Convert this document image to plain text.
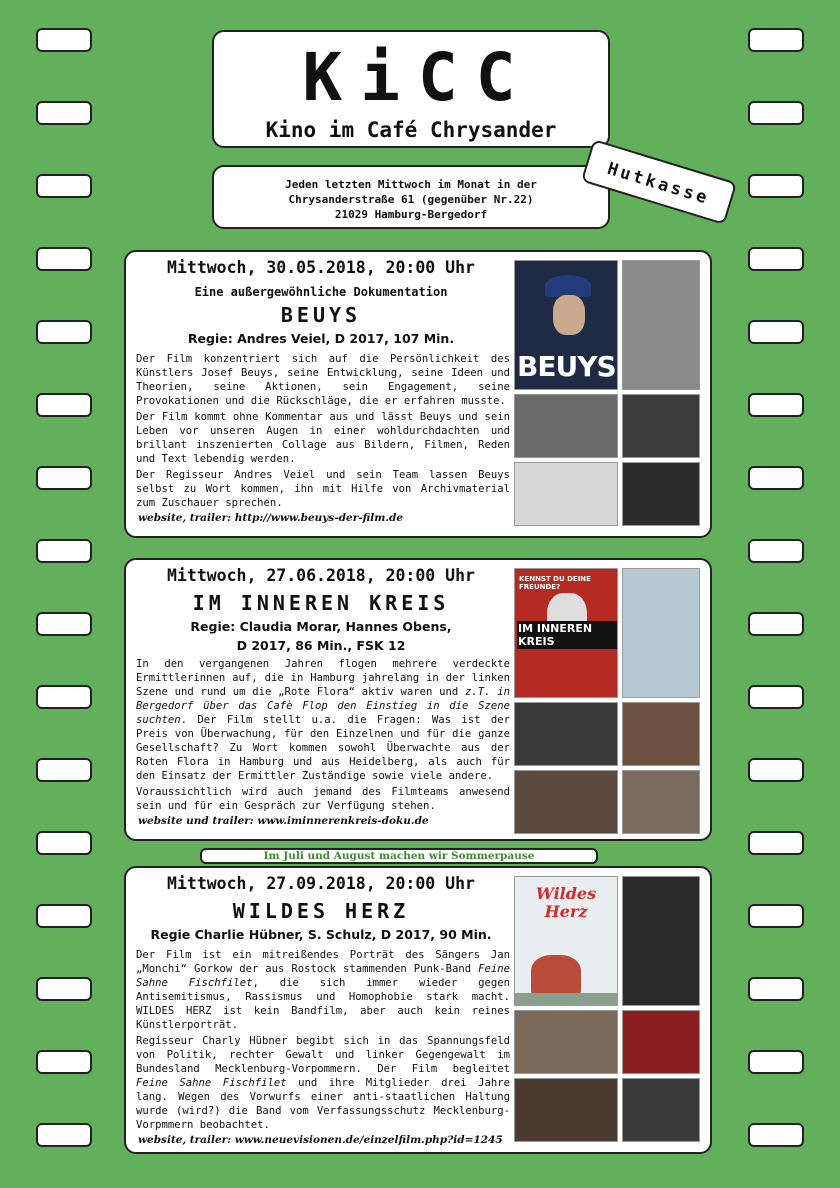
KiCC
Kino im Café Chrysander
Jeden letzten Mittwoch im Monat in der
Chrysanderstraße 61 (gegenüber Nr.22)
21029 Hamburg-Bergedorf
Hutkasse
Mittwoch, 30.05.2018, 20:00 Uhr
Eine außergewöhnliche Dokumentation
BEUYS
Regie: Andres Veiel, D 2017, 107 Min.

Der Film konzentriert sich auf die Persönlichkeit des Künstlers Josef Beuys, seine Entwicklung, seine Ideen und Theorien, seine Aktionen, sein Engagement, seine Provokationen und die Rückschläge, die er erfahren musste.

Der Film kommt ohne Kommentar aus und lässt Beuys und sein Leben vor unseren Augen in einer wohldurchdachten und brillant inszenierten Collage aus Bildern, Filmen, Reden und Text lebendig werden.

Der Regisseur Andres Veiel und sein Team lassen Beuys selbst zu Wort kommen, ihn mit Hilfe von Archivmaterial zum Zuschauer sprechen.

website, trailer: http://www.beuys-der-film.de
BEUYS
Mittwoch, 27.06.2018, 20:00 Uhr
IM INNEREN KREIS
Regie: Claudia Morar, Hannes Obens,
D 2017, 86 Min., FSK 12

In den vergangenen Jahren flogen mehrere verdeckte Ermittlerinnen auf, die in Hamburg jahrelang in der linken Szene und rund um die „Rote Flora“ aktiv waren und z.T. in Bergedorf über das Cafè Flop den Einstieg in die Szene suchten. Der Film stellt u.a. die Fragen: Was ist der Preis von Überwachung, für den Einzelnen und für die ganze Gesellschaft? Zu Wort kommen sowohl Überwachte aus der Roten Flora in Hamburg und aus Heidelberg, als auch für den Einsatz der Ermittler Zuständige sowie viele andere.

Voraussichtlich wird auch jemand des Filmteams anwesend sein und für ein Gespräch zur Verfügung stehen.

website und trailer: www.iminnerenkreis-doku.de
KENNST DU DEINE FREUNDE?
IM INNEREN KREIS
Im Juli und August machen wir Sommerpause
Mittwoch, 27.09.2018, 20:00 Uhr
WILDES HERZ
Regie Charlie Hübner, S. Schulz, D 2017, 90 Min.

Der Film ist ein mitreißendes Porträt des Sängers Jan „Monchi“ Gorkow der aus Rostock stammenden Punk-Band Feine Sahne Fischfilet, die sich immer wieder gegen Antisemitismus, Rassismus und Homophobie stark macht. WILDES HERZ ist kein Bandfilm, aber auch kein reines Künstlerporträt.

Regisseur Charly Hübner begibt sich in das Spannungsfeld von Politik, rechter Gewalt und linker Gegengewalt im Bundesland Mecklenburg-Vorpommern. Der Film begleitet Feine Sahne Fischfilet und ihre Mitglieder drei Jahre lang. Wegen des Vorwurfs einer anti-staatlichen Haltung wurde (wird?) die Band vom Verfassungsschutz Mecklenburg-Vorpmmern beobachtet.

website, trailer: www.neuevisionen.de/einzelfilm.php?id=1245
Wildes Herz
